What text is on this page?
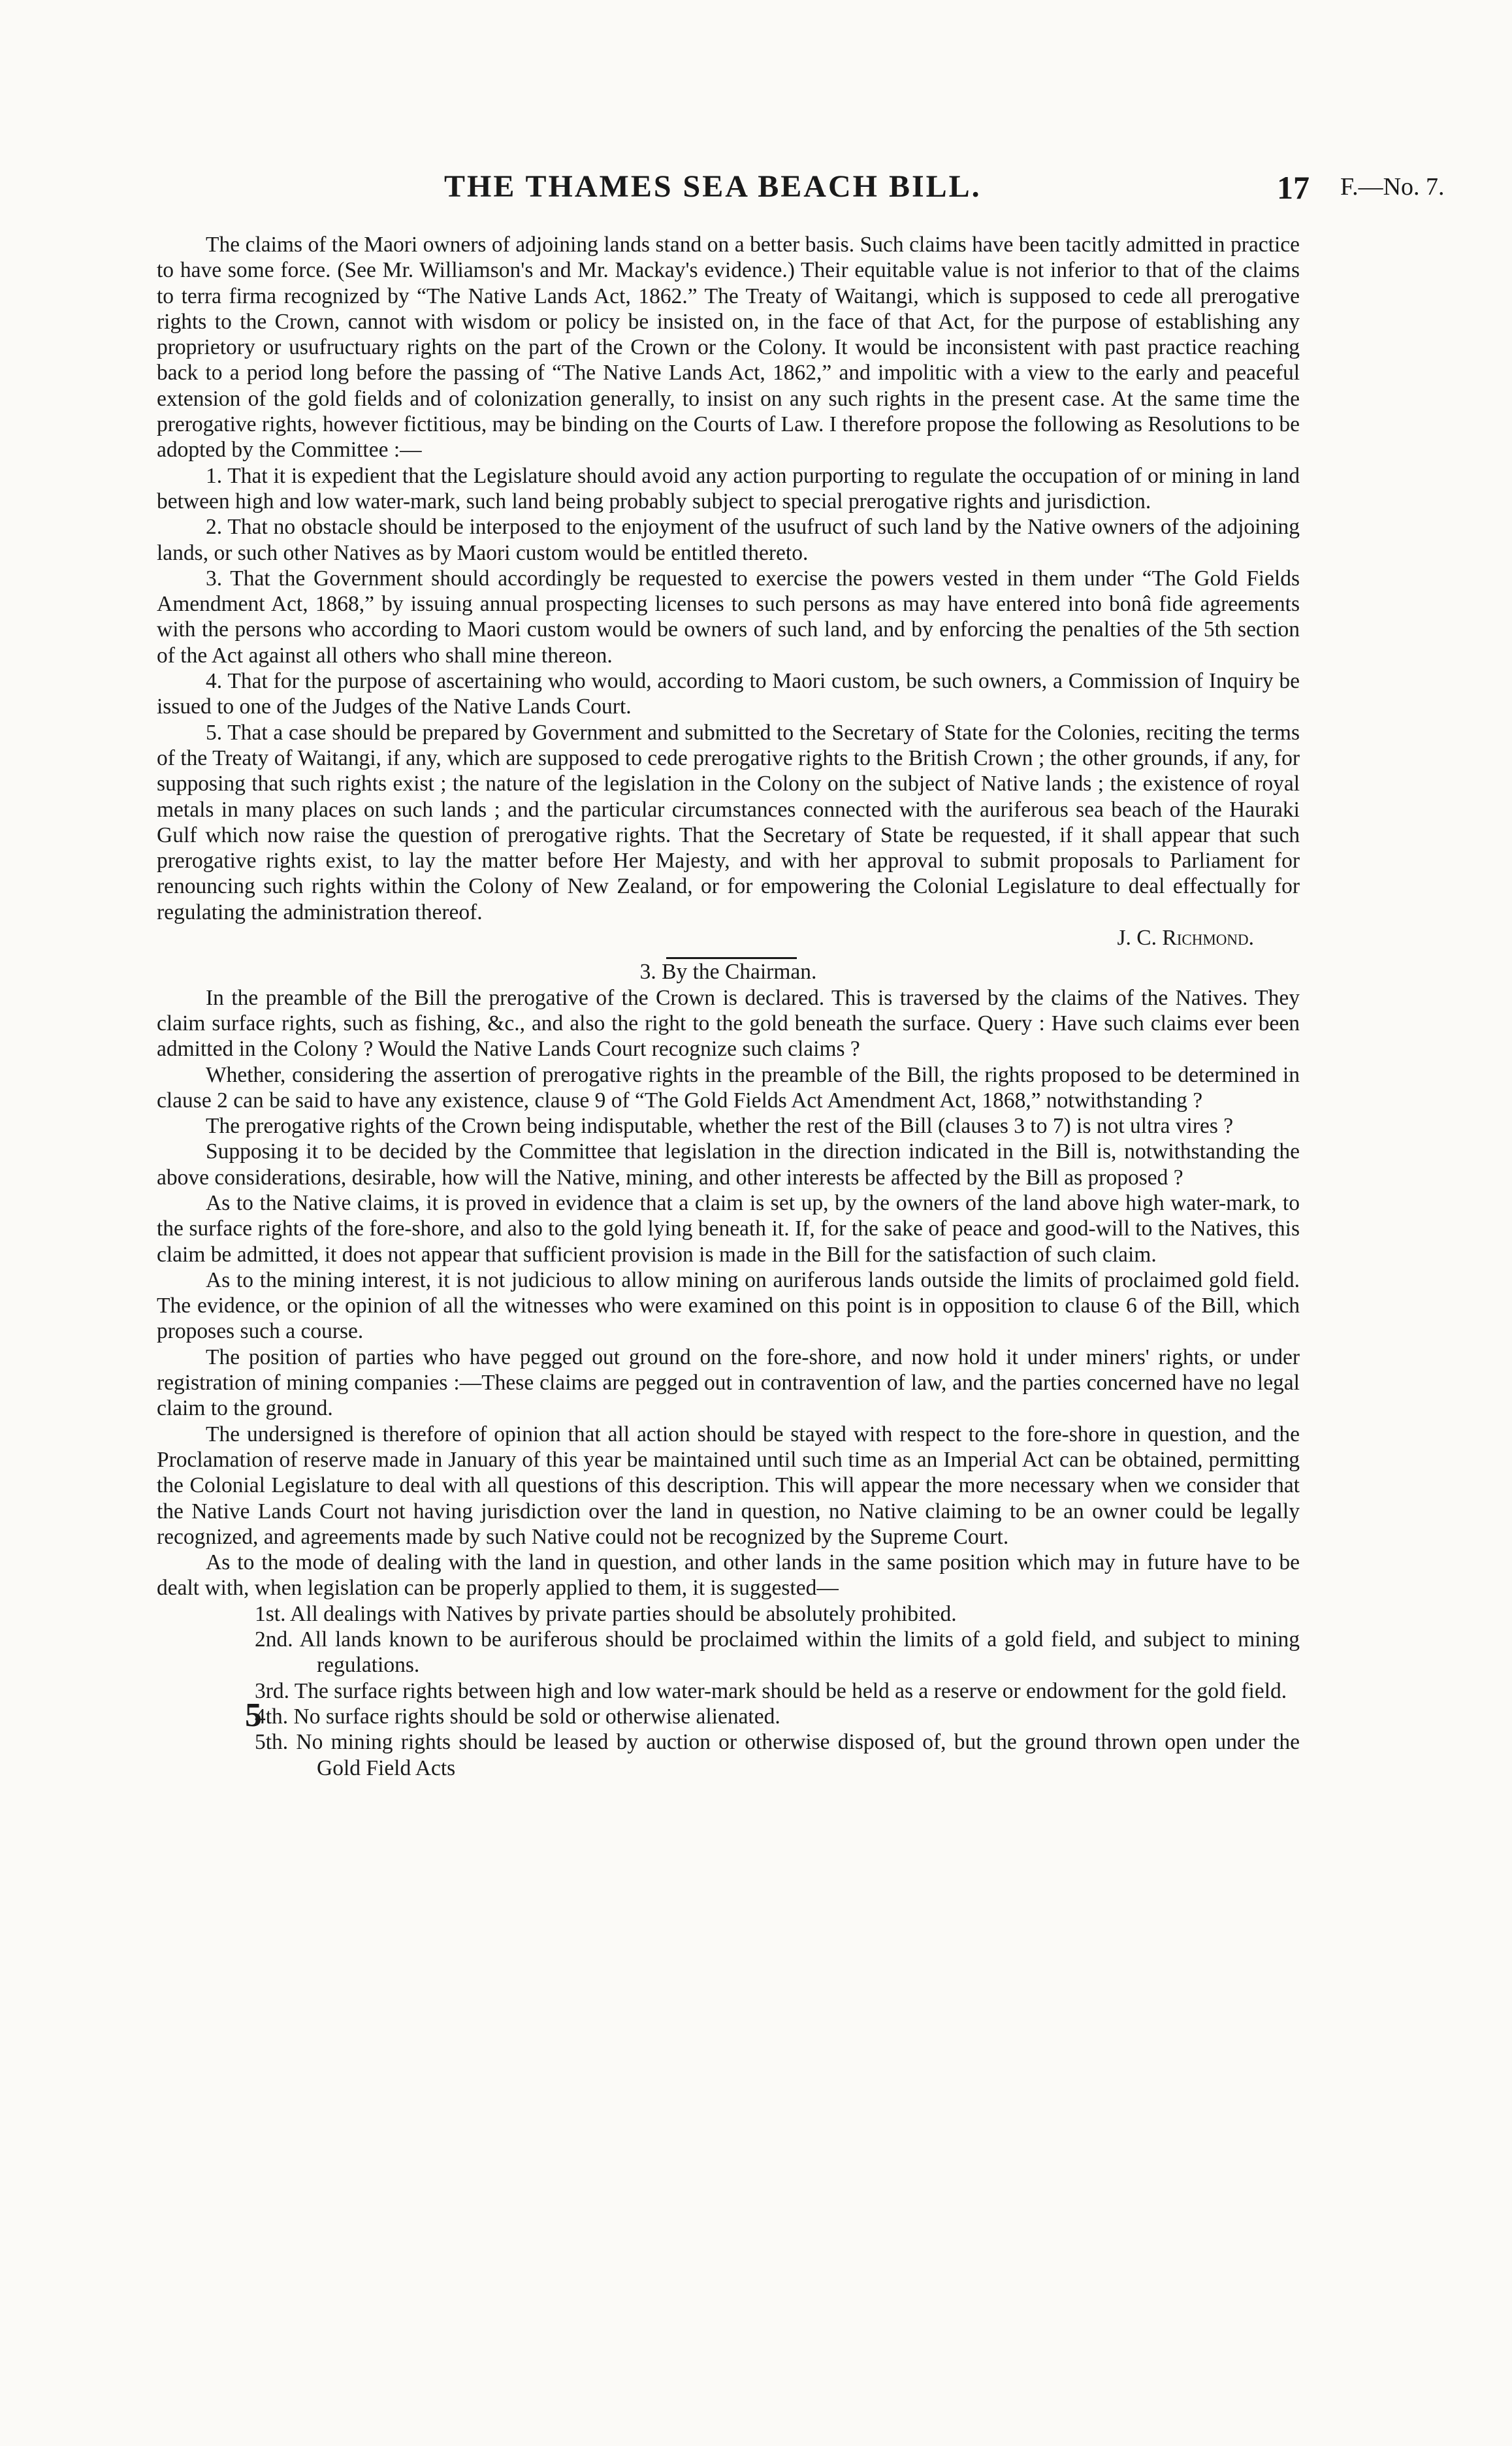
THE THAMES SEA BEACH BILL.	17 F.—No. 7.

The claims of the Maori owners of adjoining lands stand on a better basis. Such claims have been tacitly admitted in practice to have some force. (See Mr. Williamson's and Mr. Mackay's evidence.) Their equitable value is not inferior to that of the claims to terra firma recognized by “The Native Lands Act, 1862.” The Treaty of Waitangi, which is supposed to cede all prerogative rights to the Crown, cannot with wisdom or policy be insisted on, in the face of that Act, for the purpose of establishing any proprietory or usufructuary rights on the part of the Crown or the Colony. It would be inconsistent with past practice reaching back to a period long before the passing of “The Native Lands Act, 1862,” and impolitic with a view to the early and peaceful extension of the gold fields and of colonization generally, to insist on any such rights in the present case. At the same time the prerogative rights, however fictitious, may be binding on the Courts of Law. I therefore propose the following as Resolutions to be adopted by the Committee :—

1. That it is expedient that the Legislature should avoid any action purporting to regulate the occupation of or mining in land between high and low water-mark, such land being probably subject to special prerogative rights and jurisdiction.

2. That no obstacle should be interposed to the enjoyment of the usufruct of such land by the Native owners of the adjoining lands, or such other Natives as by Maori custom would be entitled thereto.

3. That the Government should accordingly be requested to exercise the powers vested in them under “The Gold Fields Amendment Act, 1868,” by issuing annual prospecting licenses to such persons as may have entered into bonâ fide agreements with the persons who according to Maori custom would be owners of such land, and by enforcing the penalties of the 5th section of the Act against all others who shall mine thereon.

4. That for the purpose of ascertaining who would, according to Maori custom, be such owners, a Commission of Inquiry be issued to one of the Judges of the Native Lands Court.

5. That a case should be prepared by Government and submitted to the Secretary of State for the Colonies, reciting the terms of the Treaty of Waitangi, if any, which are supposed to cede prerogative rights to the British Crown ; the other grounds, if any, for supposing that such rights exist ; the nature of the legislation in the Colony on the subject of Native lands ; the existence of royal metals in many places on such lands ; and the particular circumstances connected with the auriferous sea beach of the Hauraki Gulf which now raise the question of prerogative rights. That the Secretary of State be requested, if it shall appear that such prerogative rights exist, to lay the matter before Her Majesty, and with her approval to submit proposals to Parliament for renouncing such rights within the Colony of New Zealand, or for empowering the Colonial Legislature to deal effectually for regulating the administration thereof.

J. C. Richmond.

3. By the Chairman.

In the preamble of the Bill the prerogative of the Crown is declared. This is traversed by the claims of the Natives. They claim surface rights, such as fishing, &c., and also the right to the gold beneath the surface. Query : Have such claims ever been admitted in the Colony ? Would the Native Lands Court recognize such claims ?

Whether, considering the assertion of prerogative rights in the preamble of the Bill, the rights proposed to be determined in clause 2 can be said to have any existence, clause 9 of “The Gold Fields Act Amendment Act, 1868,” notwithstanding ?

The prerogative rights of the Crown being indisputable, whether the rest of the Bill (clauses 3 to 7) is not ultra vires ?

Supposing it to be decided by the Committee that legislation in the direction indicated in the Bill is, notwithstanding the above considerations, desirable, how will the Native, mining, and other interests be affected by the Bill as proposed ?

As to the Native claims, it is proved in evidence that a claim is set up, by the owners of the land above high water-mark, to the surface rights of the fore-shore, and also to the gold lying beneath it. If, for the sake of peace and good-will to the Natives, this claim be admitted, it does not appear that sufficient provision is made in the Bill for the satisfaction of such claim.

As to the mining interest, it is not judicious to allow mining on auriferous lands outside the limits of proclaimed gold field. The evidence, or the opinion of all the witnesses who were examined on this point is in opposition to clause 6 of the Bill, which proposes such a course.

The position of parties who have pegged out ground on the fore-shore, and now hold it under miners' rights, or under registration of mining companies :—These claims are pegged out in contravention of law, and the parties concerned have no legal claim to the ground.

The undersigned is therefore of opinion that all action should be stayed with respect to the fore-shore in question, and the Proclamation of reserve made in January of this year be maintained until such time as an Imperial Act can be obtained, permitting the Colonial Legislature to deal with all questions of this description. This will appear the more necessary when we consider that the Native Lands Court not having jurisdiction over the land in question, no Native claiming to be an owner could be legally recognized, and agreements made by such Native could not be recognized by the Supreme Court.

As to the mode of dealing with the land in question, and other lands in the same position which may in future have to be dealt with, when legislation can be properly applied to them, it is suggested—

1st. All dealings with Natives by private parties should be absolutely prohibited.

2nd. All lands known to be auriferous should be proclaimed within the limits of a gold field, and subject to mining regulations.

3rd. The surface rights between high and low water-mark should be held as a reserve or endowment for the gold field.

4th. No surface rights should be sold or otherwise alienated.

5th. No mining rights should be leased by auction or otherwise disposed of, but the ground thrown open under the Gold Field Acts

5
